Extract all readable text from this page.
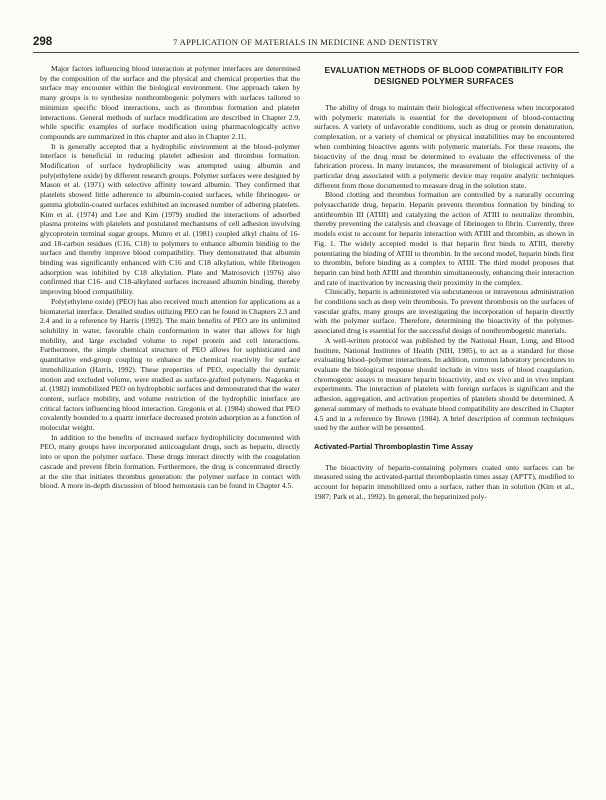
298	7 APPLICATION OF MATERIALS IN MEDICINE AND DENTISTRY

Major factors influencing blood interaction at polymer interfaces are determined by the composition of the surface and the physical and chemical properties that the surface may encounter within the biological environment. One approach taken by many groups is to synthesize nonthrombogenic polymers with surfaces tailored to minimize specific blood interactions, such as thrombus formation and platelet interactions. General methods of surface modification are described in Chapter 2.9, while specific examples of surface modification using pharmacologically active compounds are summarized in this chapter and also in Chapter 2.11.

It is generally accepted that a hydrophilic environment at the blood–polymer interface is beneficial in reducing platelet adhesion and thrombus formation. Modification of surface hydrophilicity was attempted using albumin and poly(ethylene oxide) by different research groups. Polymer surfaces were designed by Mason et al. (1971) with selective affinity toward albumin. They confirmed that platelets showed little adherence to albumin-coated surfaces, while fibrinogen- or gamma globulin-coated surfaces exhibited an increased number of adhering platelets. Kim et al. (1974) and Lee and Kim (1979) studied the interactions of adsorbed plasma proteins with platelets and postulated mechanisms of cell adhesion involving glycoprotein terminal sugar groups. Munro et al. (1981) coupled alkyl chains of 16- and 18-carbon residues (C16, C18) to polymers to enhance albumin binding to the surface and thereby improve blood compatibility. They demonstrated that albumin binding was significantly enhanced with C16 and C18 alkylation, while fibrinogen adsorption was inhibited by C18 alkylation. Plate and Matrosovich (1976) also confirmed that C16- and C18-alkylated surfaces increased albumin binding, thereby improving blood compatibility.

Poly(ethylene oxide) (PEO) has also received much attention for applications as a biomaterial interface. Detailed studies utilizing PEO can be found in Chapters 2.3 and 2.4 and in a reference by Harris (1992). The main benefits of PEO are its unlimited solubility in water, favorable chain conformation in water that allows for high mobility, and large excluded volume to repel protein and cell interactions. Furthermore, the simple chemical structure of PEO allows for sophisticated and quantitative end-group coupling to enhance the chemical reactivity for surface immobilization (Harris, 1992). These properties of PEO, especially the dynamic motion and excluded volume, were studied as surface-grafted polymers. Nagaoka et al. (1982) immobilized PEO on hydrophobic surfaces and demonstrated that the water content, surface mobility, and volume restriction of the hydrophilic interface are critical factors influencing blood interaction. Gregonis et al. (1984) showed that PEO covalently bounded to a quartz interface decreased protein adsorption as a function of molecular weight.

In addition to the benefits of increased surface hydrophilicity documented with PEO, many groups have incorporated anticoagulant drugs, such as heparin, directly into or upon the polymer surface. These drugs interact directly with the coagulation cascade and prevent fibrin formation. Furthermore, the drug is concentrated directly at the site that initiates thrombus generation: the polymer surface in contact with blood. A more in-depth discussion of blood hemostasis can be found in Chapter 4.5.

EVALUATION METHODS OF BLOOD COMPATIBILITY FOR DESIGNED POLYMER SURFACES

The ability of drugs to maintain their biological effectiveness when incorporated with polymeric materials is essential for the development of blood-contacting surfaces. A variety of unfavorable conditions, such as drug or protein denaturation, complexation, or a variety of chemical or physical instabilities may be encountered when combining bioactive agents with polymeric materials. For these reasons, the bioactivity of the drug must be determined to evaluate the effectiveness of the fabrication process. In many instances, the measurement of biological activity of a particular drug associated with a polymeric device may require analytic techniques different from those documented to measure drug in the solution state.

Blood clotting and thrombus formation are controlled by a naturally occurring polysaccharide drug, heparin. Heparin prevents thrombus formation by binding to antithrombin III (ATIII) and catalyzing the action of ATIII to neutralize thrombin, thereby preventing the catalysis and cleavage of fibrinogen to fibrin. Currently, three models exist to account for heparin interaction with ATIII and thrombin, as shown in Fig. 1. The widely accepted model is that heparin first binds to ATIII, thereby potentiating the binding of ATIII to thrombin. In the second model, heparin binds first to thrombin, before binding as a complex to ATIII. The third model proposes that heparin can bind both ATIII and thrombin simultaneously, enhancing their interaction and rate of inactivation by increasing their proximity in the complex.

Clinically, heparin is administered via subcutaneous or intravenous administration for conditions such as deep vein thrombosis. To prevent thrombosis on the surfaces of vascular grafts, many groups are investigating the incorporation of heparin directly with the polymer surface. Therefore, determining the bioactivity of the polymer-associated drug is essential for the successful design of nonthrombogenic materials.

A well-written protocol was published by the National Heart, Lung, and Blood Institute, National Institutes of Health (NIH, 1985), to act as a standard for those evaluating blood–polymer interactions. In addition, common laboratory procedures to evaluate the biological response should include in vitro tests of blood coagulation, chromogenic assays to measure heparin bioactivity, and ex vivo and in vivo implant experiments. The interaction of platelets with foreign surfaces is significant and the adhesion, aggregation, and activation properties of platelets should be determined. A general summary of methods to evaluate blood compatibility are described in Chapter 4.5 and in a reference by Brown (1984). A brief description of common techniques used by the author will be presented.

Activated-Partial Thromboplastin Time Assay

The bioactivity of heparin-containing polymers coated onto surfaces can be measured using the activated-partial thromboplastin times assay (APTT), modified to account for heparin immobilized onto a surface, rather than in solution (Kim et al., 1987; Park et al., 1992). In general, the heparinized poly-
